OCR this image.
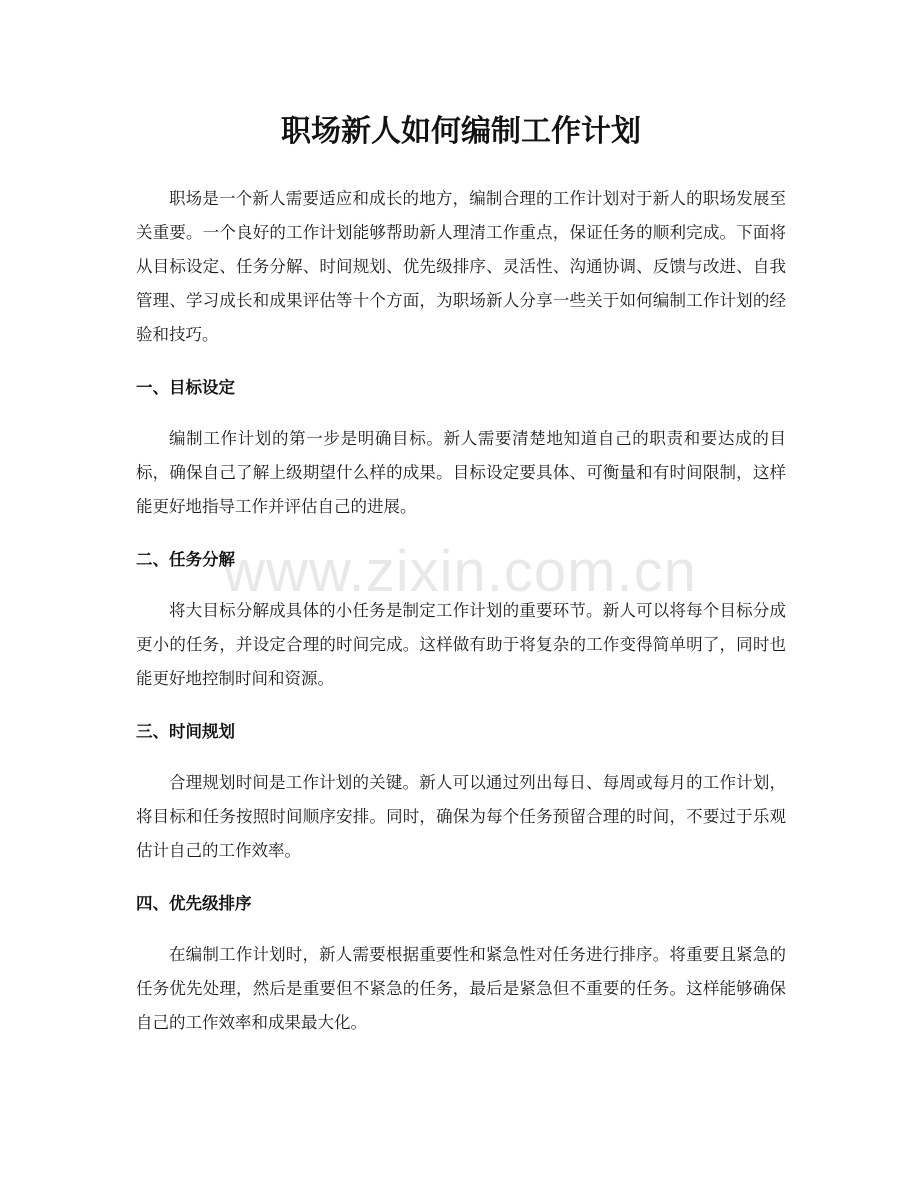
www.zixin.com.cn
职场新人如何编制工作计划

职场是一个新人需要适应和成长的地方，编制合理的工作计划对于新人的职场发展至关重要。一个良好的工作计划能够帮助新人理清工作重点，保证任务的顺利完成。下面将从目标设定、任务分解、时间规划、优先级排序、灵活性、沟通协调、反馈与改进、自我管理、学习成长和成果评估等十个方面，为职场新人分享一些关于如何编制工作计划的经验和技巧。

一、目标设定

编制工作计划的第一步是明确目标。新人需要清楚地知道自己的职责和要达成的目标，确保自己了解上级期望什么样的成果。目标设定要具体、可衡量和有时间限制，这样能更好地指导工作并评估自己的进展。

二、任务分解

将大目标分解成具体的小任务是制定工作计划的重要环节。新人可以将每个目标分成更小的任务，并设定合理的时间完成。这样做有助于将复杂的工作变得简单明了，同时也能更好地控制时间和资源。

三、时间规划

合理规划时间是工作计划的关键。新人可以通过列出每日、每周或每月的工作计划，将目标和任务按照时间顺序安排。同时，确保为每个任务预留合理的时间，不要过于乐观估计自己的工作效率。

四、优先级排序

在编制工作计划时，新人需要根据重要性和紧急性对任务进行排序。将重要且紧急的任务优先处理，然后是重要但不紧急的任务，最后是紧急但不重要的任务。这样能够确保自己的工作效率和成果最大化。
